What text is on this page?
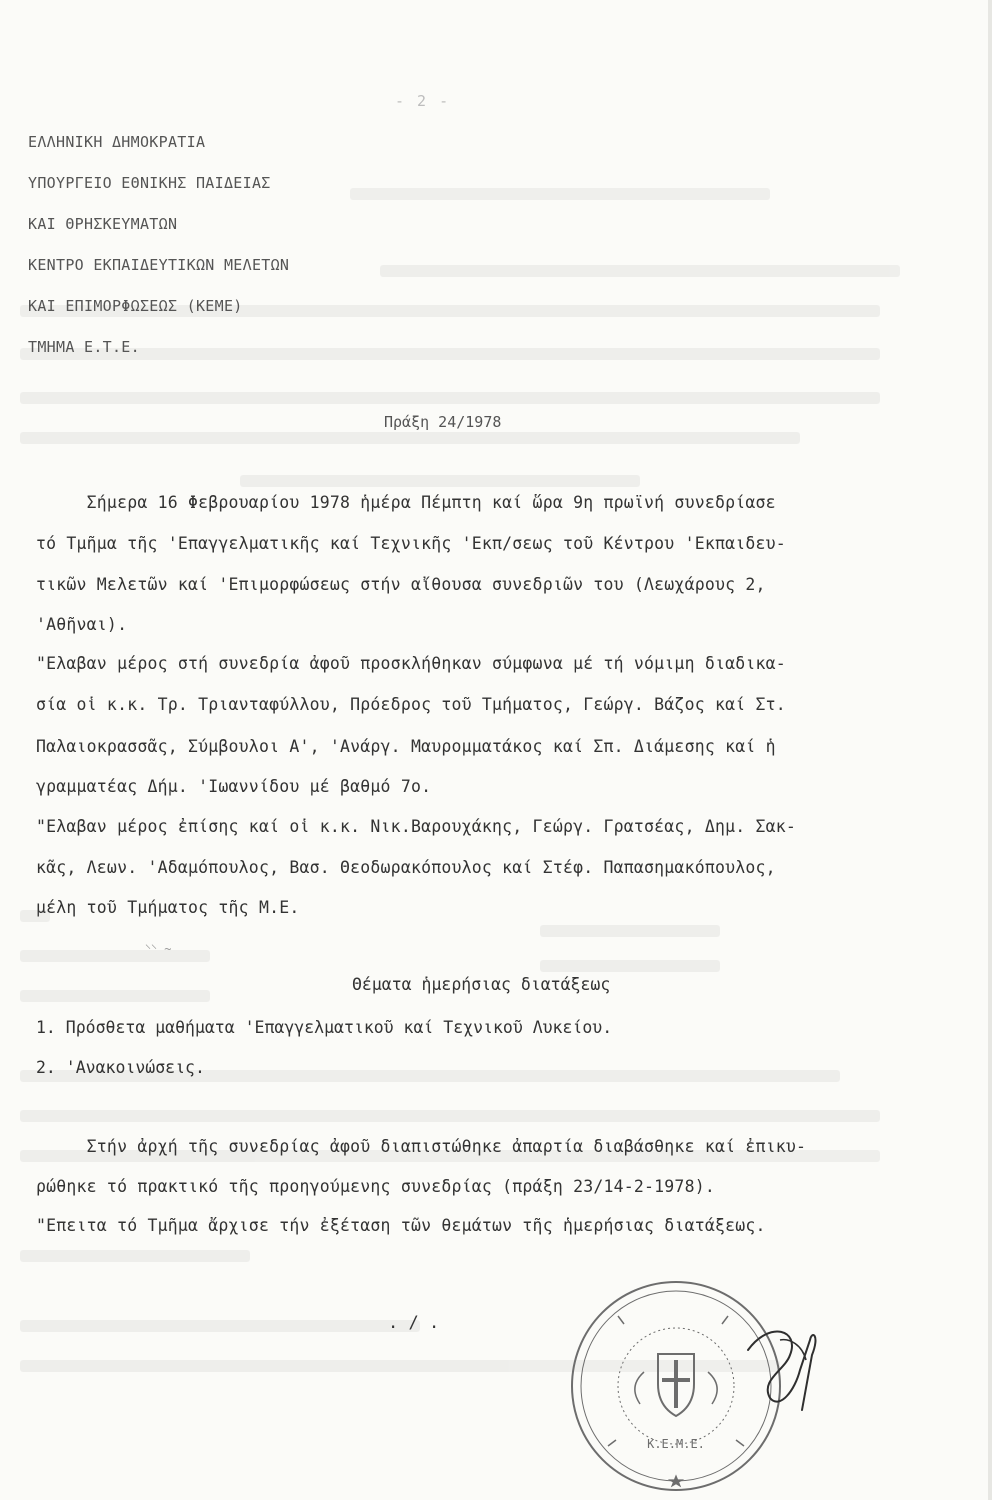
- 2 -
ΕΛΛΗΝΙΚΗ ΔΗΜΟΚΡΑΤΙΑ
ΥΠΟΥΡΓΕΙΟ ΕΘΝΙΚΗΣ ΠΑΙΔΕΙΑΣ
ΚΑΙ ΘΡΗΣΚΕΥΜΑΤΩΝ
ΚΕΝΤΡΟ ΕΚΠΑΙΔΕΥΤΙΚΩΝ ΜΕΛΕΤΩΝ
ΚΑΙ ΕΠΙΜΟΡΦΩΣΕΩΣ (ΚΕΜΕ)
ΤΜΗΜΑ Ε.Τ.Ε.
Πράξη 24/1978
Σήμερα 16 Φεβρουαρίου 1978 ἡμέρα Πέμπτη καί ὥρα 9η πρωϊνή συνεδρίασε
τό Τμῆμα τῆς 'Επαγγελματικῆς καί Τεχνικῆς 'Εκπ/σεως τοῦ Κέντρου 'Εκπαιδευ-
τικῶν Μελετῶν καί 'Επιμορφώσεως στήν αἴθουσα συνεδριῶν του (Λεωχάρους 2,
'Αθῆναι).
"Ελαβαν μέρος στή συνεδρία ἀφοῦ προσκλήθηκαν σύμφωνα μέ τή νόμιμη διαδικα-
σία οἱ κ.κ. Τρ. Τριανταφύλλου, Πρόεδρος τοῦ Τμήματος, Γεώργ. Βάζος καί Στ.
Παλαιοκρασσᾶς, Σύμβουλοι Α', 'Ανάργ. Μαυρομματάκος καί Σπ. Διάμεσης καί ἡ
γραμματέας Δήμ. 'Ιωαννίδου μέ βαθμό 7ο.
"Ελαβαν μέρος ἐπίσης καί οἱ κ.κ. Νικ.Βαρουχάκης, Γεώργ. Γρατσέας, Δημ. Σακ-
κᾶς, Λεων. 'Αδαμόπουλος, Βασ. Θεοδωρακόπουλος καί Στέφ. Παπασημακόπουλος,
μέλη τοῦ Τμήματος τῆς Μ.Ε.
⸌⸌ ~
Θέματα ἡμερήσιας διατάξεως
1. Πρόσθετα μαθήματα 'Επαγγελματικοῦ καί Τεχνικοῦ Λυκείου.
2. 'Ανακοινώσεις.
Στήν ἀρχή τῆς συνεδρίας ἀφοῦ διαπιστώθηκε ἀπαρτία διαβάσθηκε καί ἐπικυ-
ρώθηκε τό πρακτικό τῆς προηγούμενης συνεδρίας (πράξη 23/14-2-1978).
"Επειτα τό Τμῆμα ἄρχισε τήν ἐξέταση τῶν θεμάτων τῆς ἡμερήσιας διατάξεως.
. / .
Κ.Ε.Μ.Ε.
